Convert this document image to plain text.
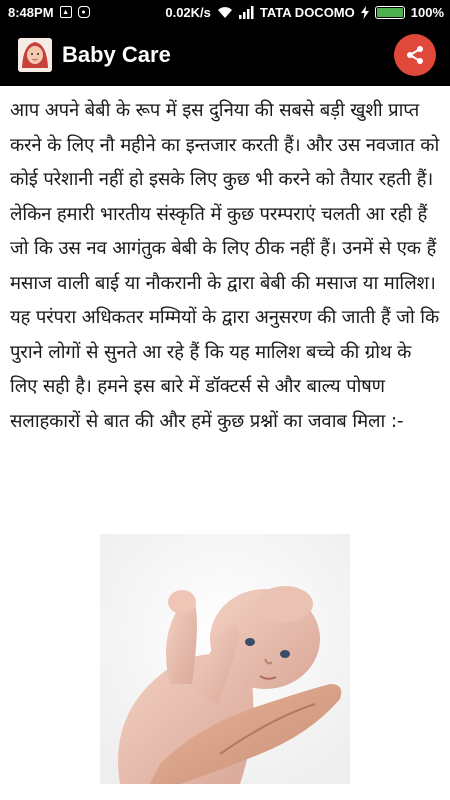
8:48PM	▲	●	0.02K/s	TATA DOCOMO	100%
Baby Care

आप अपने बेबी के रूप में इस दुनिया की सबसे बड़ी खुशी प्राप्त करने के लिए नौ महीने का इन्तजार करती हैं। और उस नवजात को कोई परेशानी नहीं हो इसके लिए कुछ भी करने को तैयार रहती हैं। लेकिन हमारी भारतीय संस्कृति में कुछ परम्पराएं चलती आ रही हैं जो कि उस नव आगंतुक बेबी के लिए ठीक नहीं हैं। उनमें से एक हैं मसाज वाली बाई या नौकरानी के द्वारा बेबी की मसाज या मालिश। यह परंपरा अधिकतर मम्मियों के द्वारा अनुसरण की जाती हैं जो कि पुराने लोगों से सुनते आ रहे हैं कि यह मालिश बच्चे की ग्रोथ के लिए सही है। हमने इस बारे में डॉक्टर्स से और बाल्य पोषण सलाहकारों से बात की और हमें कुछ प्रश्नों का जवाब मिला :-
